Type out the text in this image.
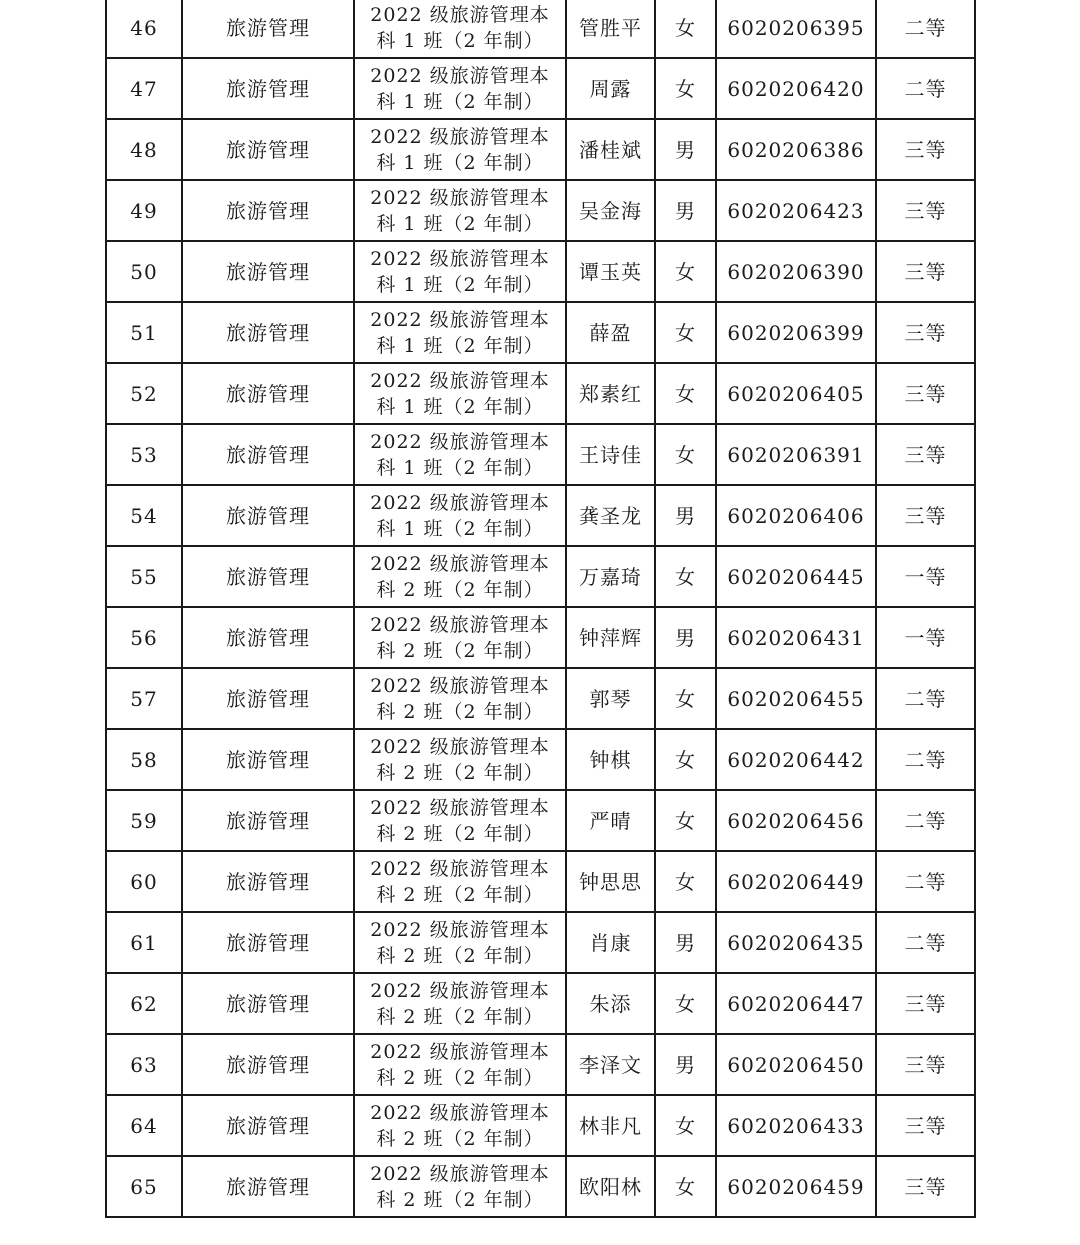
46	旅游管理	2022 级旅游管理本
科 1 班（2 年制）	管胜平	女	6020206395	二等
47	旅游管理	2022 级旅游管理本
科 1 班（2 年制）	周露	女	6020206420	二等
48	旅游管理	2022 级旅游管理本
科 1 班（2 年制）	潘桂斌	男	6020206386	三等
49	旅游管理	2022 级旅游管理本
科 1 班（2 年制）	吴金海	男	6020206423	三等
50	旅游管理	2022 级旅游管理本
科 1 班（2 年制）	谭玉英	女	6020206390	三等
51	旅游管理	2022 级旅游管理本
科 1 班（2 年制）	薛盈	女	6020206399	三等
52	旅游管理	2022 级旅游管理本
科 1 班（2 年制）	郑素红	女	6020206405	三等
53	旅游管理	2022 级旅游管理本
科 1 班（2 年制）	王诗佳	女	6020206391	三等
54	旅游管理	2022 级旅游管理本
科 1 班（2 年制）	龚圣龙	男	6020206406	三等
55	旅游管理	2022 级旅游管理本
科 2 班（2 年制）	万嘉琦	女	6020206445	一等
56	旅游管理	2022 级旅游管理本
科 2 班（2 年制）	钟萍辉	男	6020206431	一等
57	旅游管理	2022 级旅游管理本
科 2 班（2 年制）	郭琴	女	6020206455	二等
58	旅游管理	2022 级旅游管理本
科 2 班（2 年制）	钟棋	女	6020206442	二等
59	旅游管理	2022 级旅游管理本
科 2 班（2 年制）	严晴	女	6020206456	二等
60	旅游管理	2022 级旅游管理本
科 2 班（2 年制）	钟思思	女	6020206449	二等
61	旅游管理	2022 级旅游管理本
科 2 班（2 年制）	肖康	男	6020206435	二等
62	旅游管理	2022 级旅游管理本
科 2 班（2 年制）	朱添	女	6020206447	三等
63	旅游管理	2022 级旅游管理本
科 2 班（2 年制）	李泽文	男	6020206450	三等
64	旅游管理	2022 级旅游管理本
科 2 班（2 年制）	林非凡	女	6020206433	三等
65	旅游管理	2022 级旅游管理本
科 2 班（2 年制）	欧阳林	女	6020206459	三等
